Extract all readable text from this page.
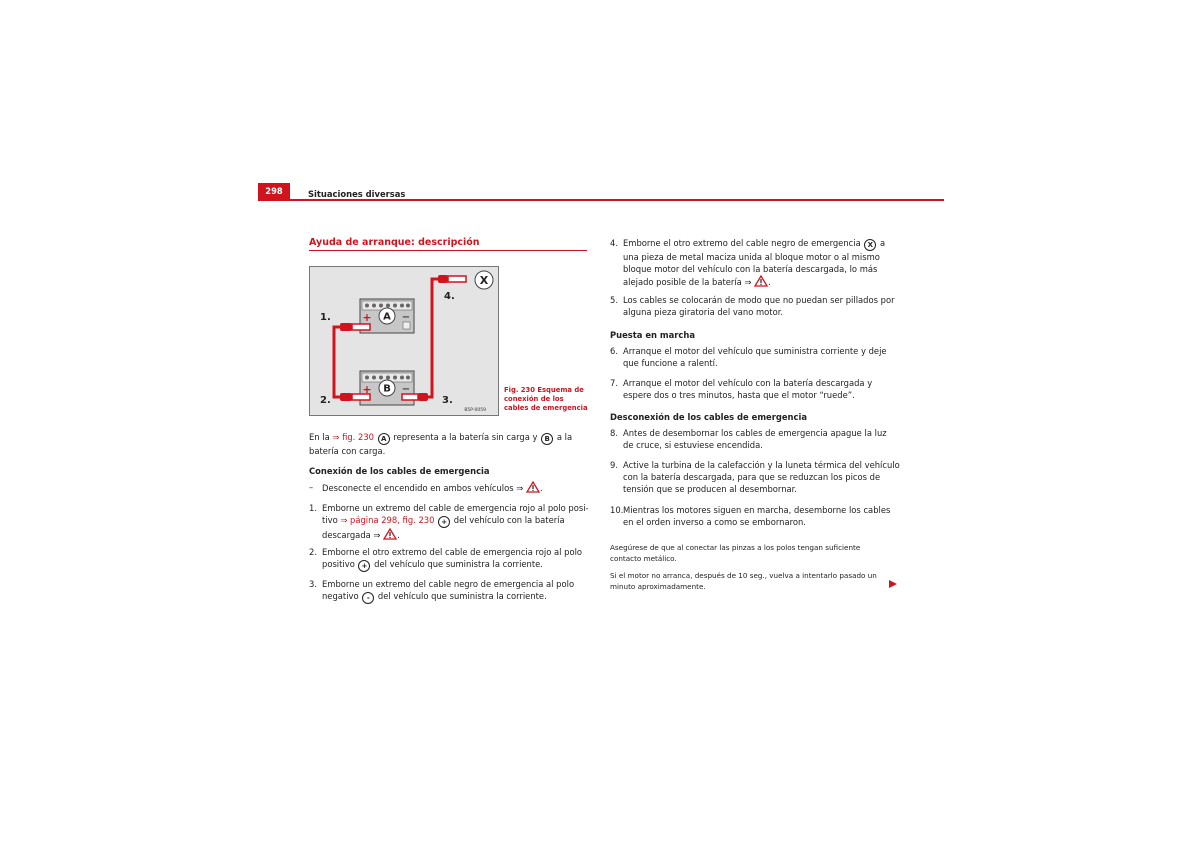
298	Situaciones diversas
Ayuda de arranque: descripción
A
B
X
+	−
+	−
1.
2.	3.
4.
B5P-0059
Fig. 230 Esquema de conexión de los cables de emergencia
En la ⇒ fig. 230 A representa a la batería sin carga y B a la
batería con carga.
Conexión de los cables de emergencia
– Desconecte el encendido en ambos vehículos ⇒ .
1. Emborne un extremo del cable de emergencia rojo al polo posi-
tivo ⇒ página 298, fig. 230 + del vehículo con la batería
descargada ⇒ .
2. Emborne el otro extremo del cable de emergencia rojo al polo
positivo + del vehículo que suministra la corriente.
3. Emborne un extremo del cable negro de emergencia al polo
negativo - del vehículo que suministra la corriente.
4. Emborne el otro extremo del cable negro de emergencia X a
una pieza de metal maciza unida al bloque motor o al mismo
bloque motor del vehículo con la batería descargada, lo más
alejado posible de la batería ⇒ .
5. Los cables se colocarán de modo que no puedan ser pillados por
alguna pieza giratoria del vano motor.
Puesta en marcha
6. Arranque el motor del vehículo que suministra corriente y deje
que funcione a ralentí.
7. Arranque el motor del vehículo con la batería descargada y
espere dos o tres minutos, hasta que el motor “ruede”.
Desconexión de los cables de emergencia
8. Antes de desembornar los cables de emergencia apague la luz
de cruce, si estuviese encendida.
9. Active la turbina de la calefacción y la luneta térmica del vehículo
con la batería descargada, para que se reduzcan los picos de
tensión que se producen al desembornar.
10. Mientras los motores siguen en marcha, desemborne los cables
en el orden inverso a como se embornaron.
Asegúrese de que al conectar las pinzas a los polos tengan suficiente
contacto metálico.
Si el motor no arranca, después de 10 seg., vuelva a intentarlo pasado un
minuto aproximadamente.
